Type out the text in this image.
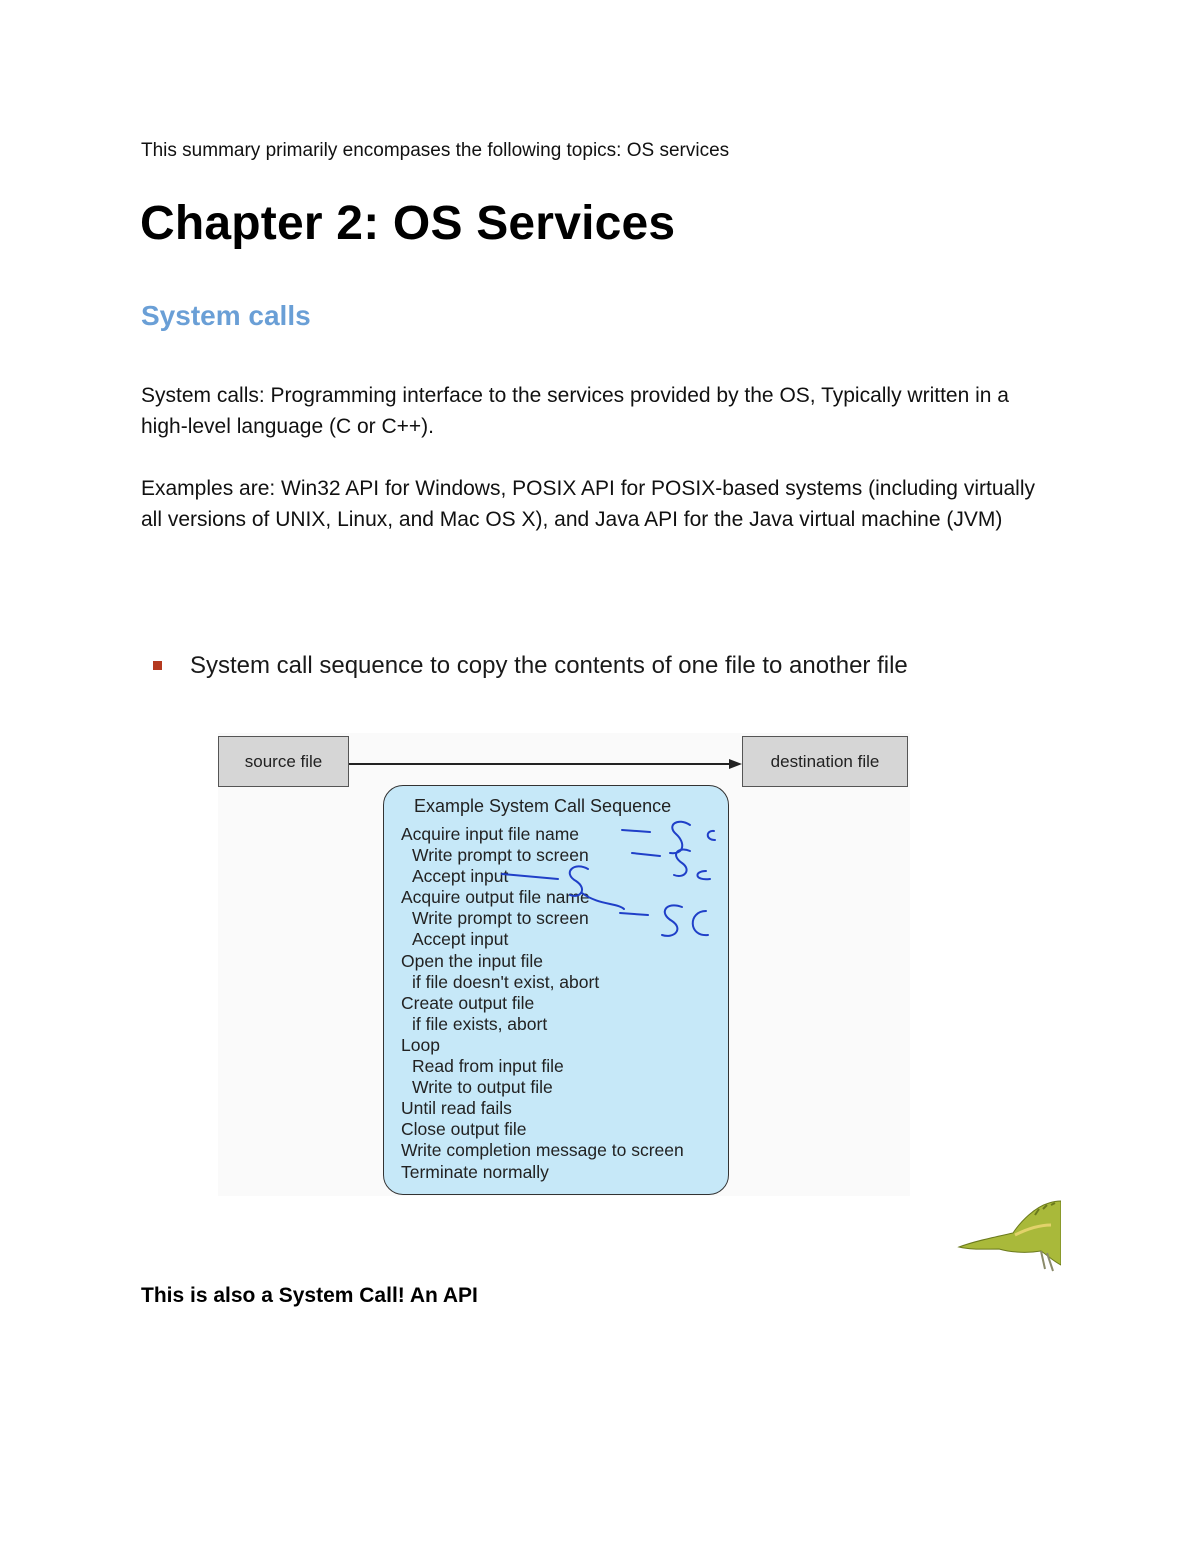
This summary primarily encompases the following topics: OS services
Chapter 2: OS Services
System calls

System calls: Programming interface to the services provided by the OS, Typically written in a high-level language (C or C++).

Examples are: Win32 API for Windows, POSIX API for POSIX-based systems (including virtually all versions of UNIX, Linux, and Mac OS X), and Java API for the Java virtual machine (JVM)

System call sequence to copy the contents of one file to another file
source file	destination file
Example System Call Sequence
Acquire input file name
Write prompt to screen
Accept input
Acquire output file name
Write prompt to screen
Accept input
Open the input file
if file doesn't exist, abort
Create output file
if file exists, abort
Loop
Read from input file
Write to output file
Until read fails
Close output file
Write completion message to screen
Terminate normally
This is also a System Call! An API
